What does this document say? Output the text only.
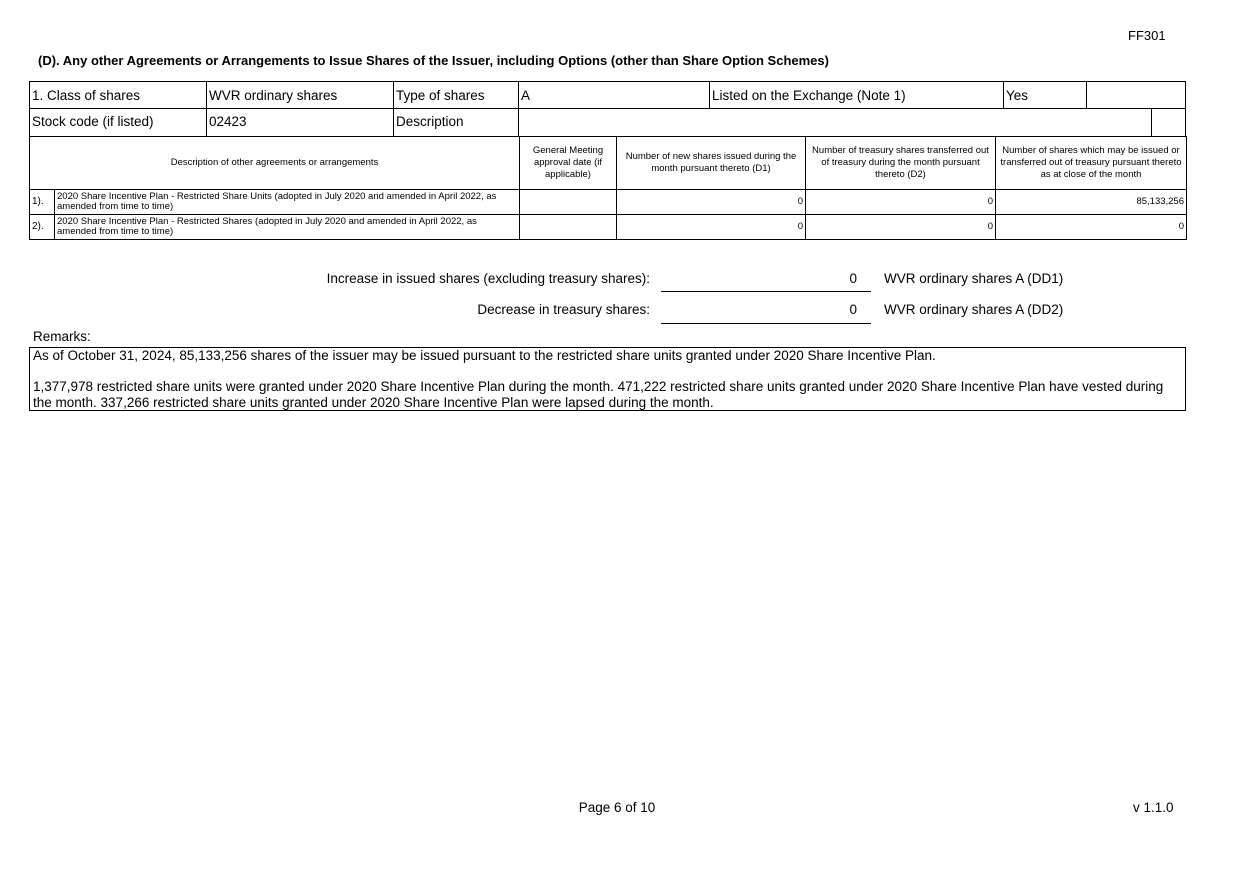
FF301
(D). Any other Agreements or Arrangements to Issue Shares of the Issuer, including Options (other than Share Option Schemes)
1. Class of shares	WVR ordinary shares	Type of shares	A	Listed on the Exchange (Note 1)	Yes
Stock code (if listed)	02423	Description
Description of other agreements or arrangements		General Meeting approval date (if applicable)	Number of new shares issued during the month pursuant thereto (D1)	Number of treasury shares transferred out of treasury during the month pursuant thereto (D2)	Number of shares which may be issued or transferred out of treasury pursuant thereto as at close of the month
1).	2020 Share Incentive Plan - Restricted Share Units (adopted in July 2020 and amended in April 2022, as amended from time to time)		0	0	85,133,256
2).	2020 Share Incentive Plan - Restricted Shares (adopted in July 2020 and amended in April 2022, as amended from time to time)		0	0	0
Increase in issued shares (excluding treasury shares):	0	WVR ordinary shares A (DD1)
Decrease in treasury shares:	0	WVR ordinary shares A (DD2)
Remarks:

As of October 31, 2024, 85,133,256 shares of the issuer may be issued pursuant to the restricted share units granted under 2020 Share Incentive Plan.

1,377,978 restricted share units were granted under 2020 Share Incentive Plan during the month. 471,222 restricted share units granted under 2020 Share Incentive Plan have vested during the month. 337,266 restricted share units granted under 2020 Share Incentive Plan were lapsed during the month.

Page 6 of 10	v 1.1.0
